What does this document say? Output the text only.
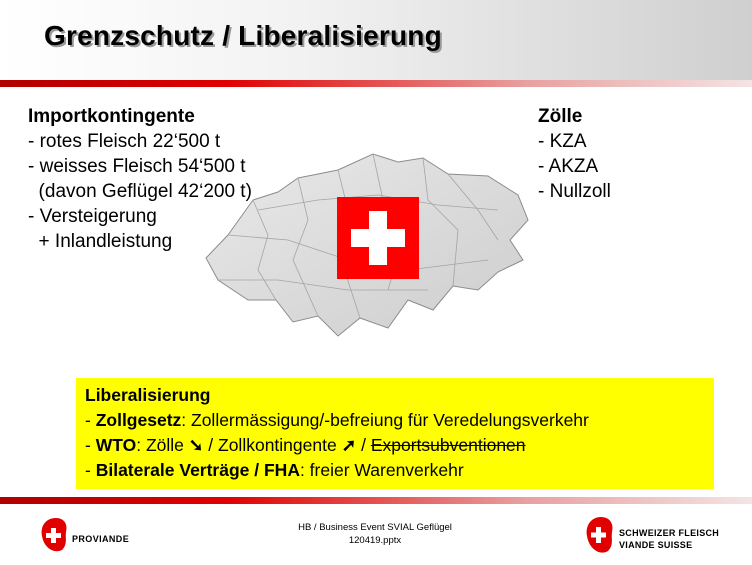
Grenzschutz / Liberalisierung
Importkontingente
- rotes Fleisch 22‘500 t
- weisses Fleisch 54‘500 t
(davon Geflügel 42‘200 t)
- Versteigerung
+ Inlandleistung
Zölle
- KZA
- AKZA
- Nullzoll
Liberalisierung
- Zollgesetz: Zollermässigung/-befreiung für Veredelungsverkehr
- WTO: Zölle ➘ / Zollkontingente ➚ / Exportsubventionen
- Bilaterale Verträge / FHA: freier Warenverkehr
PROVIANDE
HB / Business Event SVIAL Geflügel
120419.pptx
SCHWEIZER FLEISCH
VIANDE SUISSE
